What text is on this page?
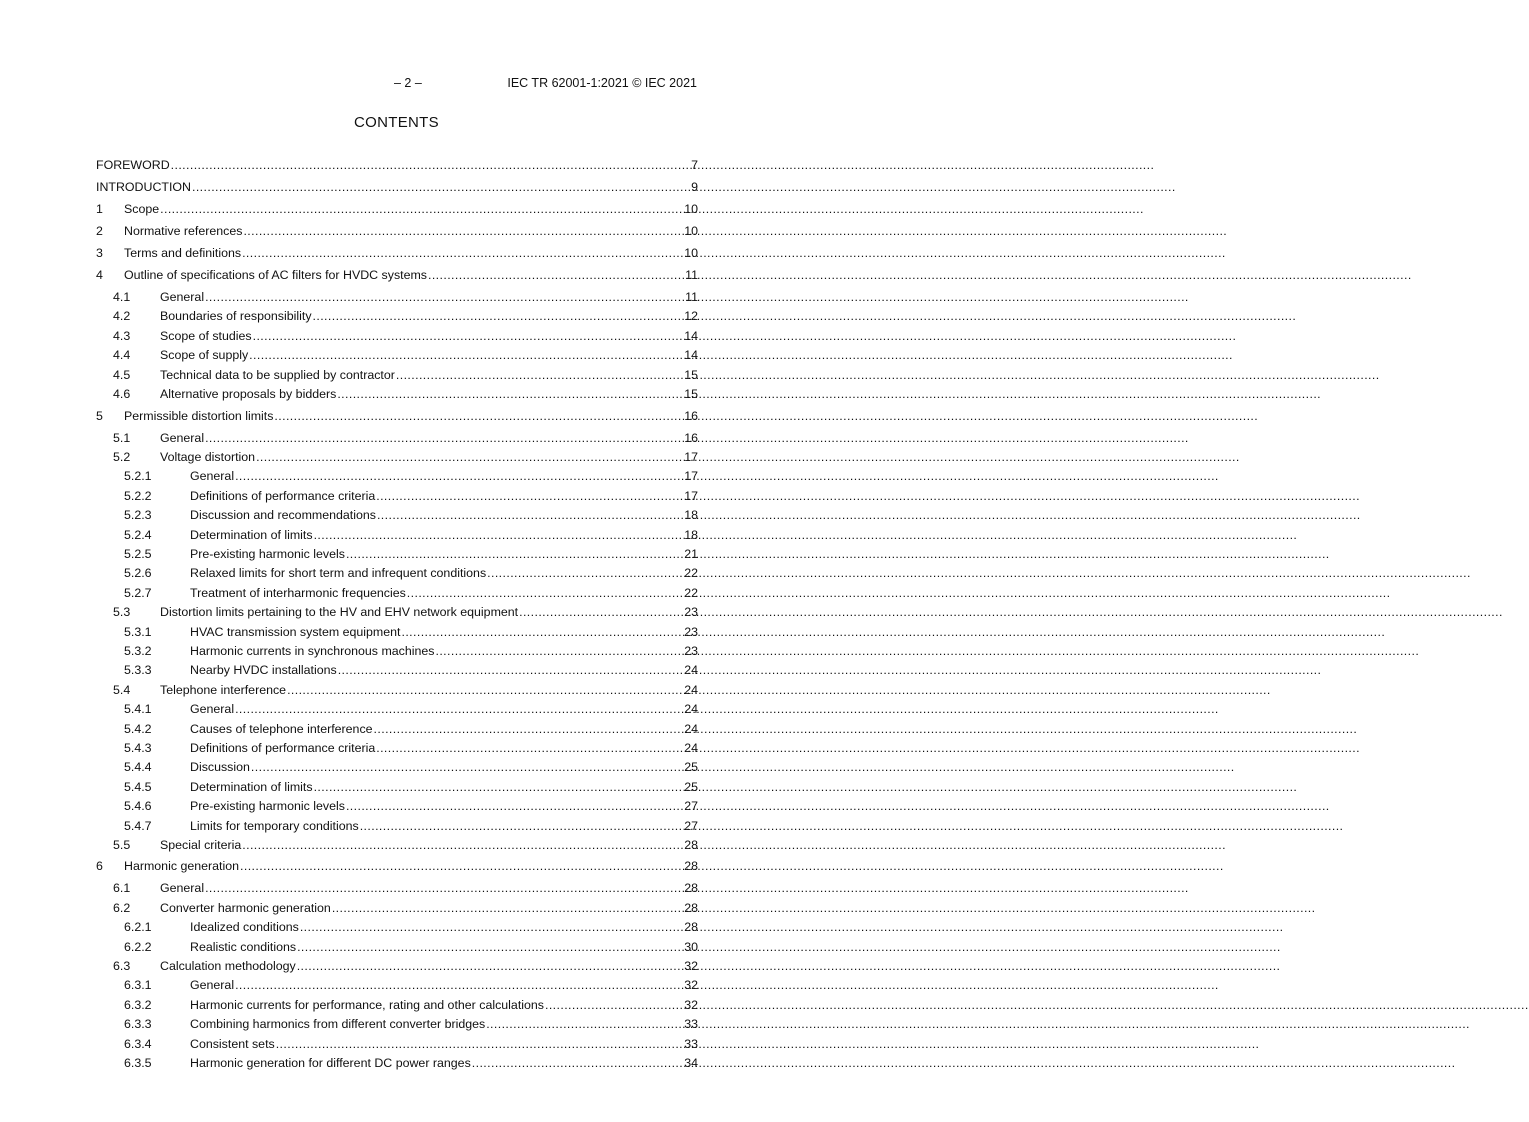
– 2 –	IEC TR 62001-1:2021 © IEC 2021
CONTENTS
FOREWORD .....	7
INTRODUCTION .....	9
1	Scope .....	10
2	Normative references .....	10
3	Terms and definitions .....	10
4	Outline of specifications of AC filters for HVDC systems .....	11
4.1	General .....	11
4.2	Boundaries of responsibility .....	12
4.3	Scope of studies .....	14
4.4	Scope of supply .....	14
4.5	Technical data to be supplied by contractor .....	15
4.6	Alternative proposals by bidders .....	15
5	Permissible distortion limits .....	16
5.1	General .....	16
5.2	Voltage distortion .....	17
5.2.1	General .....	17
5.2.2	Definitions of performance criteria .....	17
5.2.3	Discussion and recommendations .....	18
5.2.4	Determination of limits .....	18
5.2.5	Pre-existing harmonic levels .....	21
5.2.6	Relaxed limits for short term and infrequent conditions .....	22
5.2.7	Treatment of interharmonic frequencies .....	22
5.3	Distortion limits pertaining to the HV and EHV network equipment .....	23
5.3.1	HVAC transmission system equipment .....	23
5.3.2	Harmonic currents in synchronous machines .....	23
5.3.3	Nearby HVDC installations .....	24
5.4	Telephone interference .....	24
5.4.1	General .....	24
5.4.2	Causes of telephone interference .....	24
5.4.3	Definitions of performance criteria .....	24
5.4.4	Discussion .....	25
5.4.5	Determination of limits .....	25
5.4.6	Pre-existing harmonic levels .....	27
5.4.7	Limits for temporary conditions .....	27
5.5	Special criteria .....	28
6	Harmonic generation .....	28
6.1	General .....	28
6.2	Converter harmonic generation .....	28
6.2.1	Idealized conditions .....	28
6.2.2	Realistic conditions .....	30
6.3	Calculation methodology .....	32
6.3.1	General .....	32
6.3.2	Harmonic currents for performance, rating and other calculations .....	32
6.3.3	Combining harmonics from different converter bridges .....	33
6.3.4	Consistent sets .....	33
6.3.5	Harmonic generation for different DC power ranges .....	34
